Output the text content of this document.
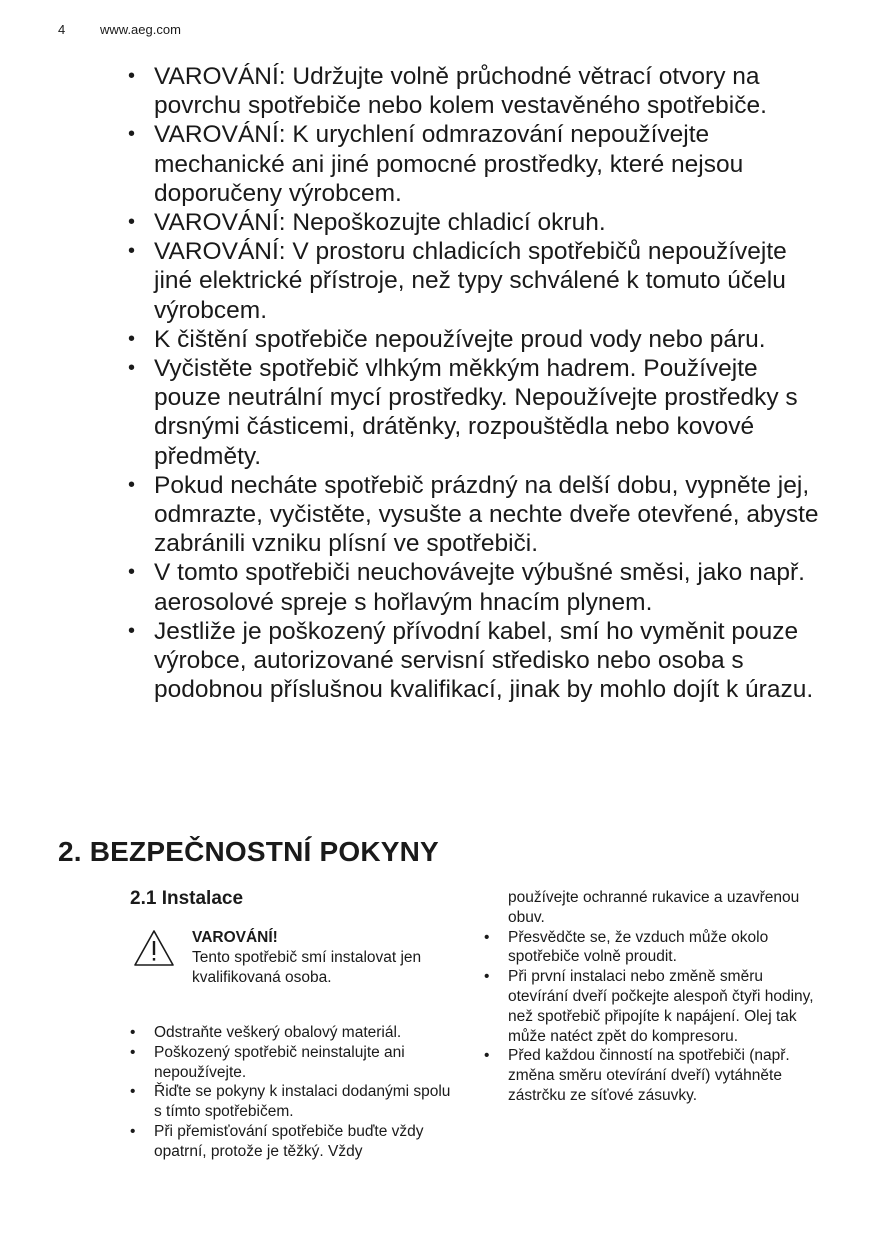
4	www.aeg.com
• VAROVÁNÍ: Udržujte volně průchodné větrací otvory na povrchu spotřebiče nebo kolem vestavěného spotřebiče.
• VAROVÁNÍ: K urychlení odmrazování nepoužívejte mechanické ani jiné pomocné prostředky, které nejsou doporučeny výrobcem.
• VAROVÁNÍ: Nepoškozujte chladicí okruh.
• VAROVÁNÍ: V prostoru chladicích spotřebičů nepoužívejte jiné elektrické přístroje, než typy schválené k tomuto účelu výrobcem.
• K čištění spotřebiče nepoužívejte proud vody nebo páru.
• Vyčistěte spotřebič vlhkým měkkým hadrem. Používejte pouze neutrální mycí prostředky. Nepoužívejte prostředky s drsnými částicemi, drátěnky, rozpouštědla nebo kovové předměty.
• Pokud necháte spotřebič prázdný na delší dobu, vypněte jej, odmrazte, vyčistěte, vysušte a nechte dveře otevřené, abyste zabránili vzniku plísní ve spotřebiči.
• V tomto spotřebiči neuchovávejte výbušné směsi, jako např. aerosolové spreje s hořlavým hnacím plynem.
• Jestliže je poškozený přívodní kabel, smí ho vyměnit pouze výrobce, autorizované servisní středisko nebo osoba s podobnou příslušnou kvalifikací, jinak by mohlo dojít k úrazu.
2. BEZPEČNOSTNÍ POKYNY
2.1 Instalace
VAROVÁNÍ!
Tento spotřebič smí instalovat jen kvalifikovaná osoba.
• Odstraňte veškerý obalový materiál.
• Poškozený spotřebič neinstalujte ani nepoužívejte.
• Řiďte se pokyny k instalaci dodanými spolu s tímto spotřebičem.
• Při přemisťování spotřebiče buďte vždy opatrní, protože je těžký. Vždy
používejte ochranné rukavice a uzavřenou obuv.
• Přesvědčte se, že vzduch může okolo spotřebiče volně proudit.
• Při první instalaci nebo změně směru otevírání dveří počkejte alespoň čtyři hodiny, než spotřebič připojíte k napájení. Olej tak může natéct zpět do kompresoru.
• Před každou činností na spotřebiči (např. změna směru otevírání dveří) vytáhněte zástrčku ze síťové zásuvky.
